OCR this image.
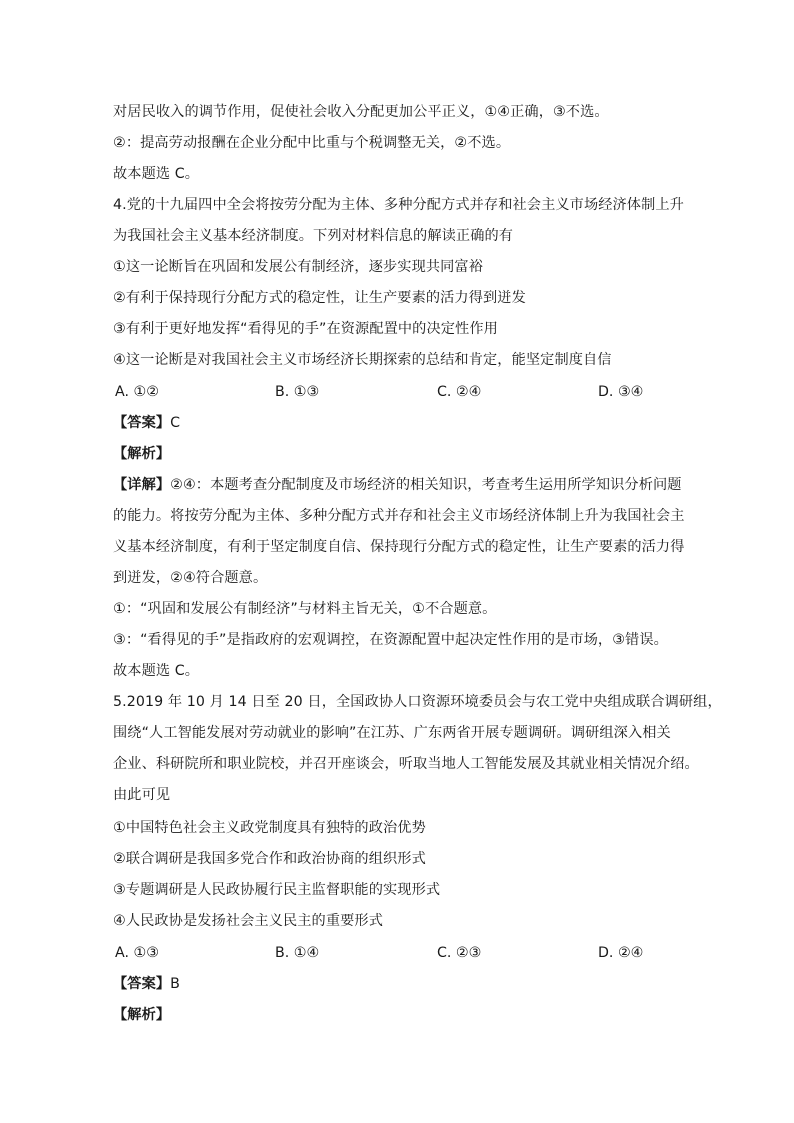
对居民收入的调节作用，促使社会收入分配更加公平正义，①④正确，③不选。
②：提高劳动报酬在企业分配中比重与个税调整无关，②不选。
故本题选 C。
4.党的十九届四中全会将按劳分配为主体、多种分配方式并存和社会主义市场经济体制上升
为我国社会主义基本经济制度。下列对材料信息的解读正确的有
①这一论断旨在巩固和发展公有制经济，逐步实现共同富裕
②有利于保持现行分配方式的稳定性，让生产要素的活力得到迸发
③有利于更好地发挥“看得见的手”在资源配置中的决定性作用
④这一论断是对我国社会主义市场经济长期探索的总结和肯定，能坚定制度自信
A. ①②	B. ①③	C. ②④	D. ③④
【答案】C
【解析】
【详解】②④：本题考查分配制度及市场经济的相关知识，考查考生运用所学知识分析问题
的能力。将按劳分配为主体、多种分配方式并存和社会主义市场经济体制上升为我国社会主
义基本经济制度，有利于坚定制度自信、保持现行分配方式的稳定性，让生产要素的活力得
到迸发，②④符合题意。
①：“巩固和发展公有制经济”与材料主旨无关，①不合题意。
③：“看得见的手”是指政府的宏观调控，在资源配置中起决定性作用的是市场，③错误。
故本题选 C。
5.2019 年 10 月 14 日至 20 日，全国政协人口资源环境委员会与农工党中央组成联合调研组，
围绕“人工智能发展对劳动就业的影响”在江苏、广东两省开展专题调研。调研组深入相关
企业、科研院所和职业院校，并召开座谈会，听取当地人工智能发展及其就业相关情况介绍。
由此可见
①中国特色社会主义政党制度具有独特的政治优势
②联合调研是我国多党合作和政治协商的组织形式
③专题调研是人民政协履行民主监督职能的实现形式
④人民政协是发扬社会主义民主的重要形式
A. ①③	B. ①④	C. ②③	D. ②④
【答案】B
【解析】
